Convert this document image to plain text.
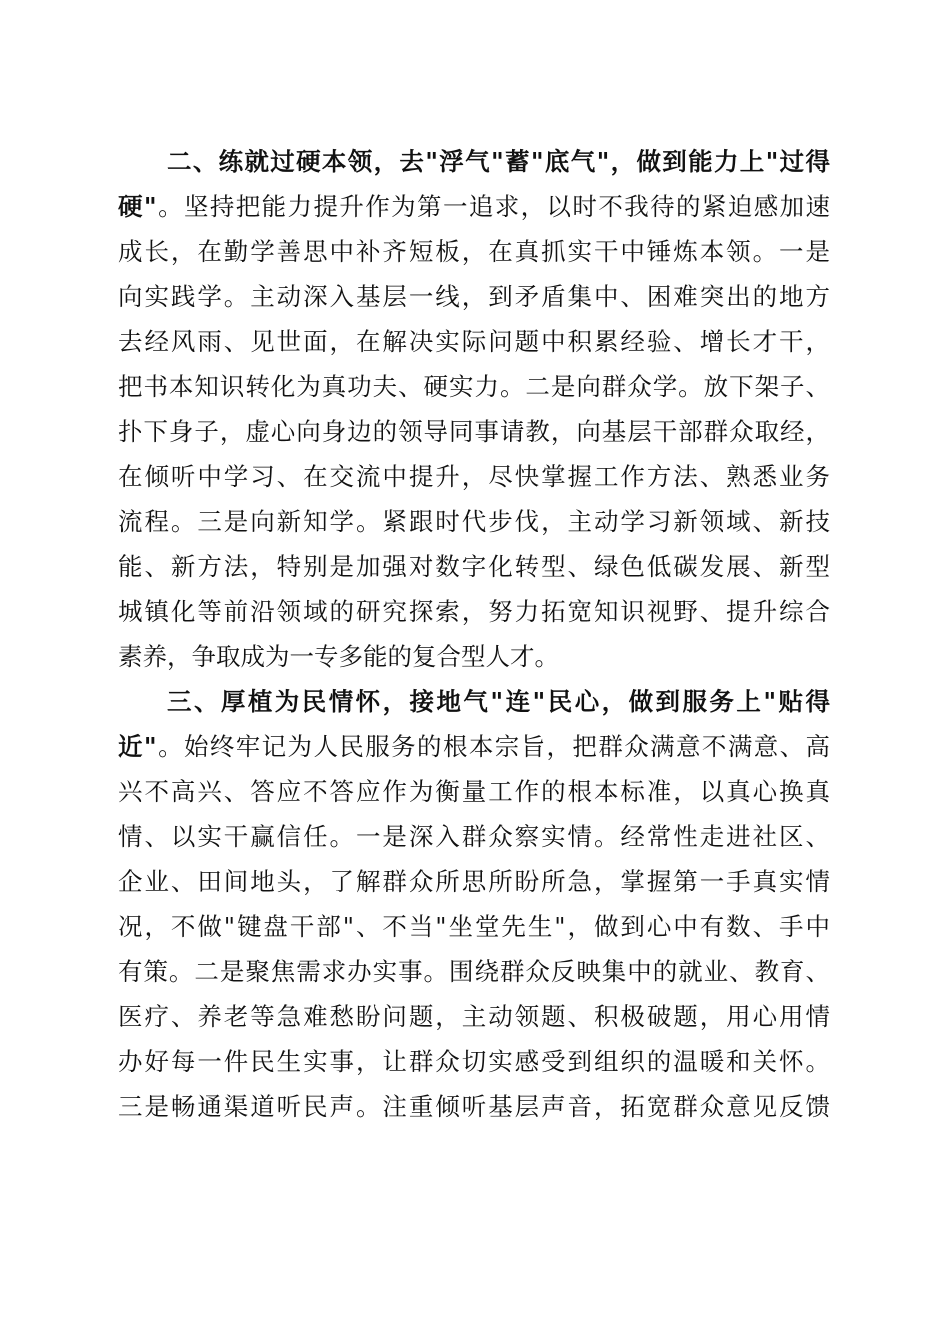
二、练就过硬本领，去"浮气"蓄"底气"，做到能力上"过得
硬"。坚持把能力提升作为第一追求，以时不我待的紧迫感加速
成长，在勤学善思中补齐短板，在真抓实干中锤炼本领。一是
向实践学。主动深入基层一线，到矛盾集中、困难突出的地方
去经风雨、见世面，在解决实际问题中积累经验、增长才干，
把书本知识转化为真功夫、硬实力。二是向群众学。放下架子、
扑下身子，虚心向身边的领导同事请教，向基层干部群众取经，
在倾听中学习、在交流中提升，尽快掌握工作方法、熟悉业务
流程。三是向新知学。紧跟时代步伐，主动学习新领域、新技
能、新方法，特别是加强对数字化转型、绿色低碳发展、新型
城镇化等前沿领域的研究探索，努力拓宽知识视野、提升综合
素养，争取成为一专多能的复合型人才。
三、厚植为民情怀，接地气"连"民心，做到服务上"贴得
近"。始终牢记为人民服务的根本宗旨，把群众满意不满意、高
兴不高兴、答应不答应作为衡量工作的根本标准，以真心换真
情、以实干赢信任。一是深入群众察实情。经常性走进社区、
企业、田间地头，了解群众所思所盼所急，掌握第一手真实情
况，不做"键盘干部"、不当"坐堂先生"，做到心中有数、手中
有策。二是聚焦需求办实事。围绕群众反映集中的就业、教育、
医疗、养老等急难愁盼问题，主动领题、积极破题，用心用情
办好每一件民生实事，让群众切实感受到组织的温暖和关怀。
三是畅通渠道听民声。注重倾听基层声音，拓宽群众意见反馈
